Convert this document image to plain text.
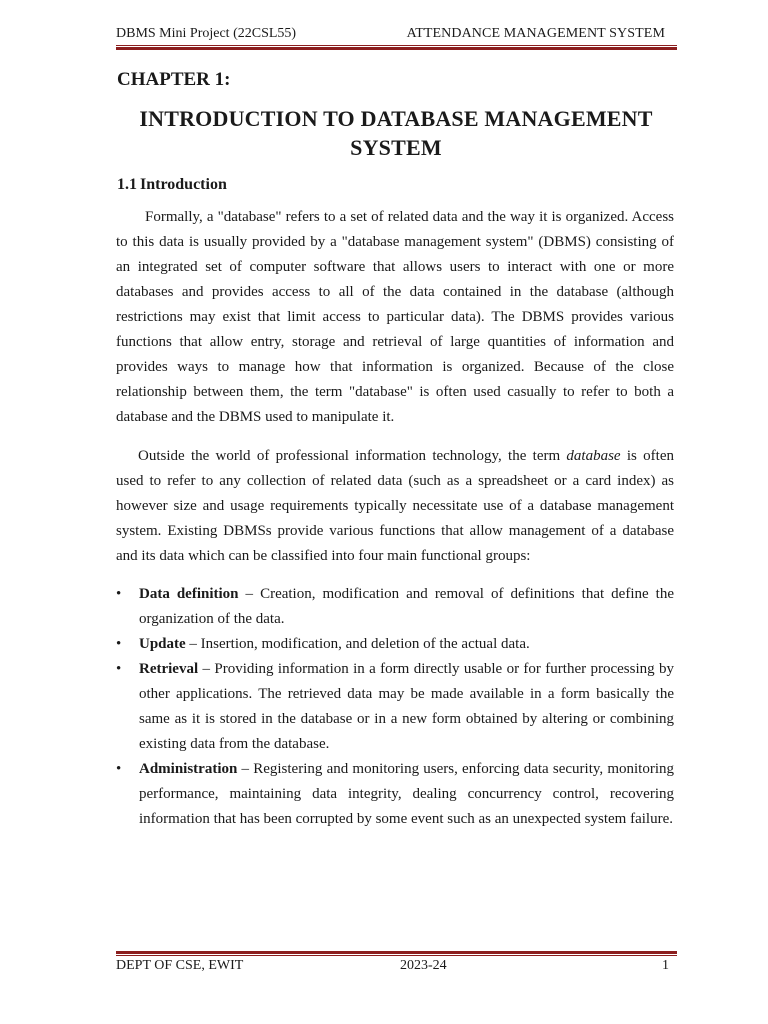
DBMS Mini Project (22CSL55)	ATTENDANCE MANAGEMENT SYSTEM
CHAPTER 1:
INTRODUCTION TO DATABASE MANAGEMENT SYSTEM
1.1 Introduction

Formally, a "database" refers to a set of related data and the way it is organized. Access to this data is usually provided by a "database management system" (DBMS) consisting of an integrated set of computer software that allows users to interact with one or more databases and provides access to all of the data contained in the database (although restrictions may exist that limit access to particular data). The DBMS provides various functions that allow entry, storage and retrieval of large quantities of information and provides ways to manage how that information is organized. Because of the close relationship between them, the term "database" is often used casually to refer to both a database and the DBMS used to manipulate it.

Outside the world of professional information technology, the term database is often used to refer to any collection of related data (such as a spreadsheet or a card index) as however size and usage requirements typically necessitate use of a database management system. Existing DBMSs provide various functions that allow management of a database and its data which can be classified into four main functional groups:

• Data definition – Creation, modification and removal of definitions that define the organization of the data.
• Update – Insertion, modification, and deletion of the actual data.
• Retrieval – Providing information in a form directly usable or for further processing by other applications. The retrieved data may be made available in a form basically the same as it is stored in the database or in a new form obtained by altering or combining existing data from the database.
• Administration – Registering and monitoring users, enforcing data security, monitoring performance, maintaining data integrity, dealing concurrency control, recovering information that has been corrupted by some event such as an unexpected system failure.
DEPT OF CSE, EWIT	2023-24	1
